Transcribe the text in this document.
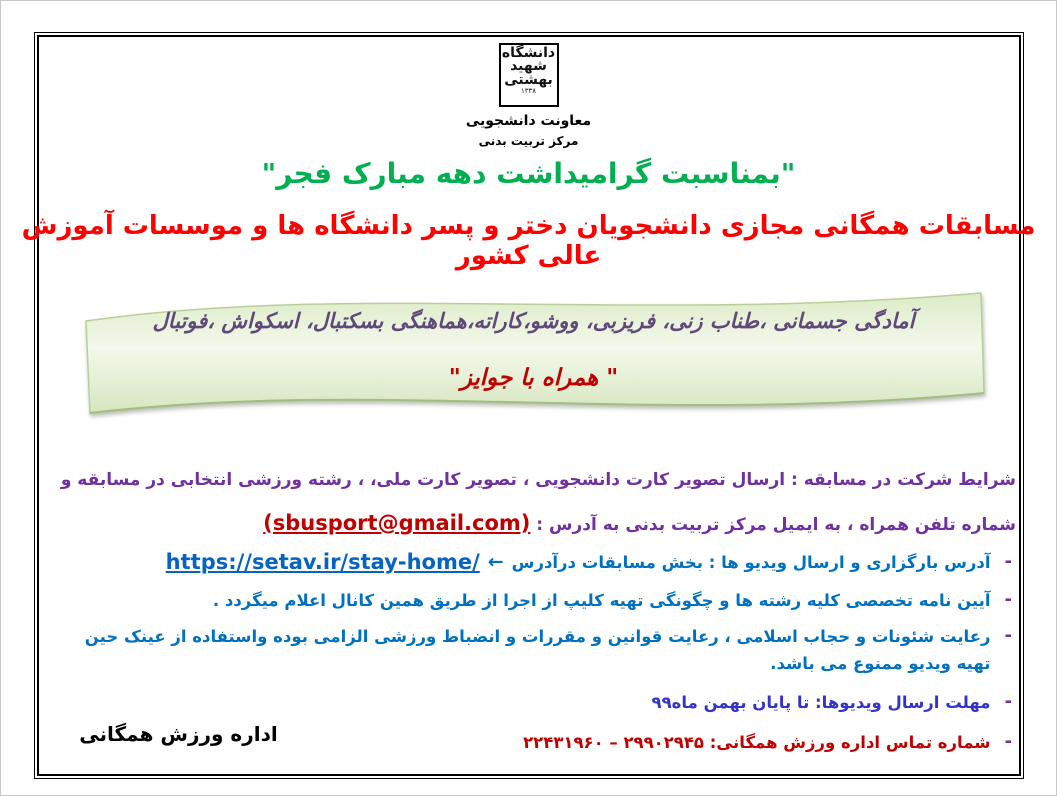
دانشگاه
شهید
بهشتی
۱۳۳۸
معاونت دانشجویی
مرکز تربیت بدنی
"بمناسبت گرامیداشت دهه مبارک فجر"
مسابقات همگانی مجازی دانشجویان دختر و پسر دانشگاه ها و موسسات آموزش عالی کشور
آمادگی جسمانی ،طناب زنی، فریزبی، ووشو،کاراته،هماهنگی بسکتبال، اسکواش ،فوتبال
" همراه با جوایز"
شرایط شرکت در مسابقه : ارسال تصویر کارت دانشجویی ، تصویر کارت ملی، ، رشته ورزشی انتخابی در مسابقه و
شماره تلفن همراه ، به ایمیل مرکز تربیت بدنی به آدرس : (sbusport@gmail.com)
-
آدرس بارگزاری و ارسال ویدیو ها : بخش مسابقات درآدرس
←
https://setav.ir/stay-home/
-
آیین نامه تخصصی کلیه رشته ها و چگونگی تهیه کلیپ از اجرا از طریق همین کانال اعلام میگردد .
-
رعایت شئونات و حجاب اسلامی ، رعایت قوانین و مقررات و انضباط ورزشی الزامی بوده واستفاده از عینک حین تهیه ویدیو ممنوع می باشد.
-
مهلت ارسال ویدیوها: تا پایان بهمن ماه۹۹
-
شماره تماس اداره ورزش همگانی: ۲۹۹۰۲۹۴۵ – ۲۲۴۳۱۹۶۰
اداره ورزش همگانی
